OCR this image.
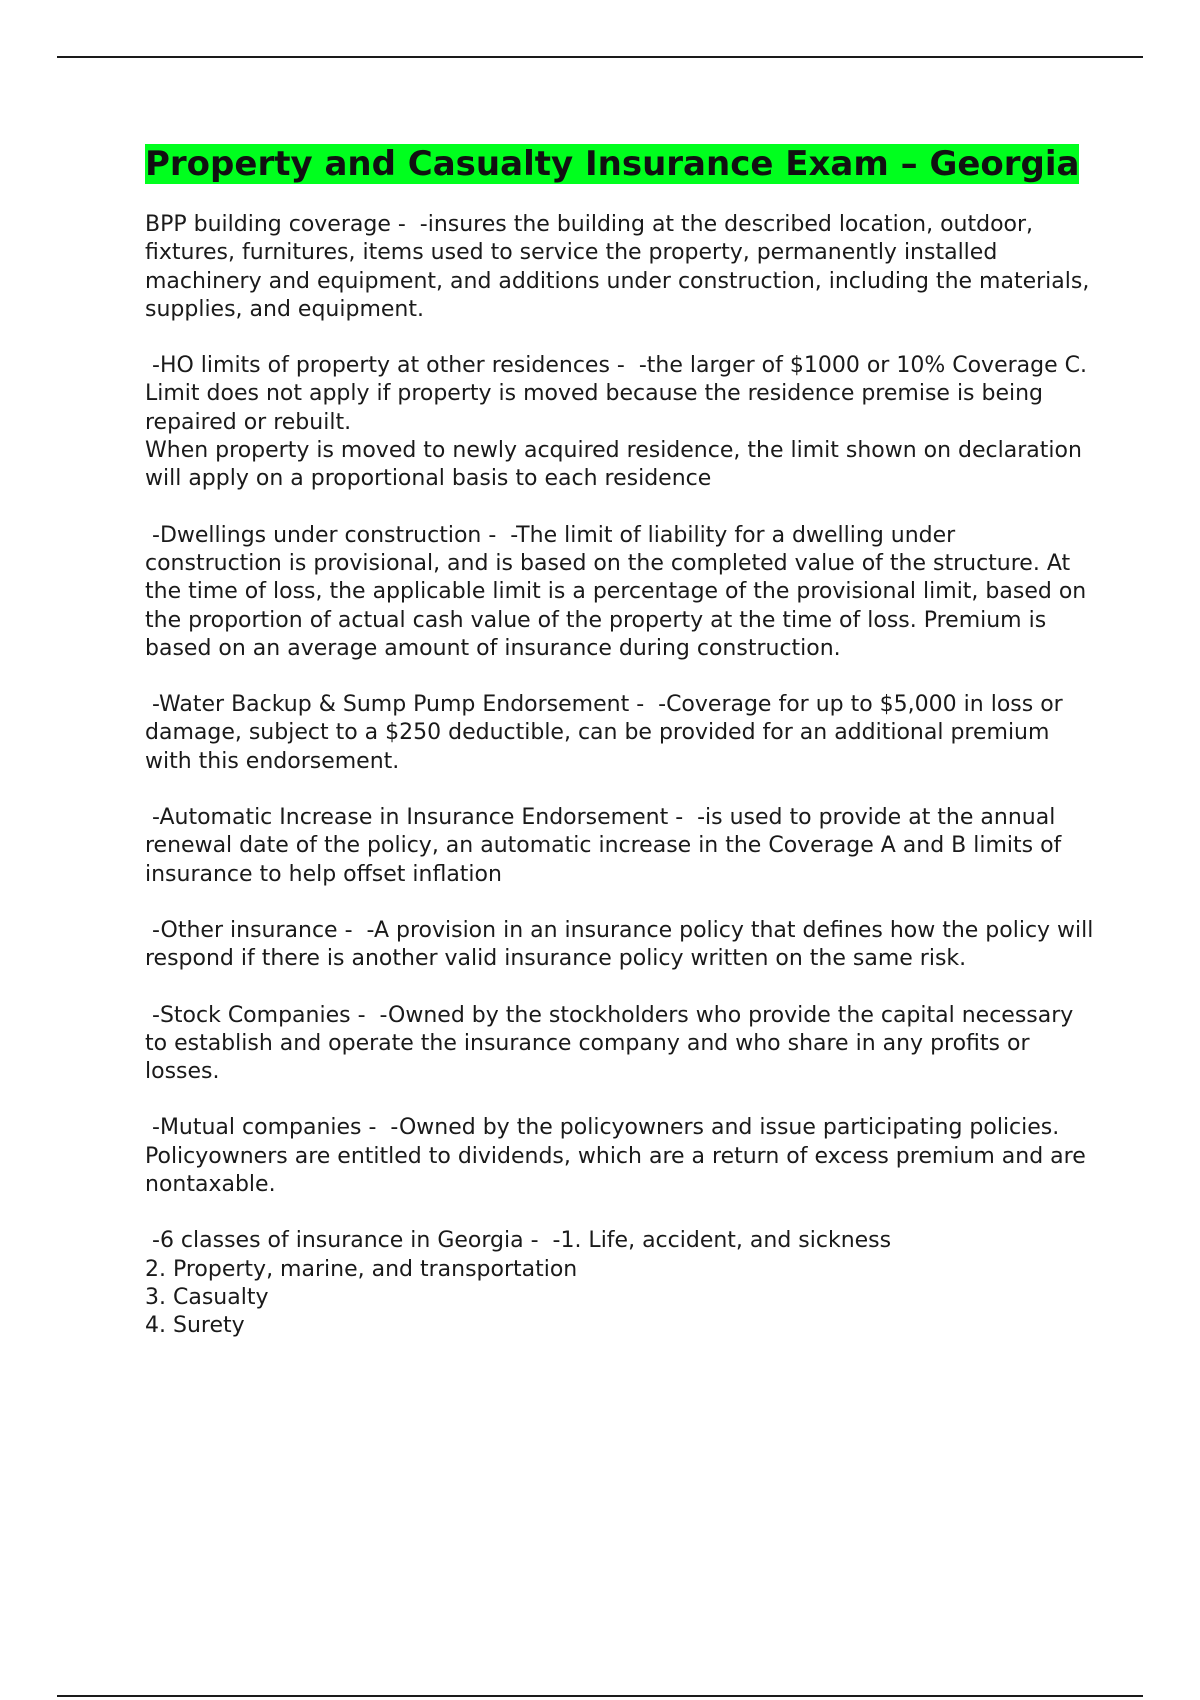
Property and Casualty Insurance Exam – Georgia

BPP building coverage -  -insures the building at the described location, outdoor, fixtures, furnitures, items used to service the property, permanently installed machinery and equipment, and additions under construction, including the materials, supplies, and equipment.

-HO limits of property at other residences -  -the larger of $1000 or 10% Coverage C. Limit does not apply if property is moved because the residence premise is being repaired or rebuilt.
When property is moved to newly acquired residence, the limit shown on declaration will apply on a proportional basis to each residence

-Dwellings under construction -  -The limit of liability for a dwelling under construction is provisional, and is based on the completed value of the structure. At the time of loss, the applicable limit is a percentage of the provisional limit, based on the proportion of actual cash value of the property at the time of loss. Premium is based on an average amount of insurance during construction.

-Water Backup & Sump Pump Endorsement -  -Coverage for up to $5,000 in loss or damage, subject to a $250 deductible, can be provided for an additional premium with this endorsement.

-Automatic Increase in Insurance Endorsement -  -is used to provide at the annual renewal date of the policy, an automatic increase in the Coverage A and B limits of insurance to help offset inflation

-Other insurance -  -A provision in an insurance policy that defines how the policy will respond if there is another valid insurance policy written on the same risk.

-Stock Companies -  -Owned by the stockholders who provide the capital necessary to establish and operate the insurance company and who share in any profits or losses.

-Mutual companies -  -Owned by the policyowners and issue participating policies. Policyowners are entitled to dividends, which are a return of excess premium and are nontaxable.

-6 classes of insurance in Georgia -  -1. Life, accident, and sickness
2. Property, marine, and transportation
3. Casualty
4. Surety
